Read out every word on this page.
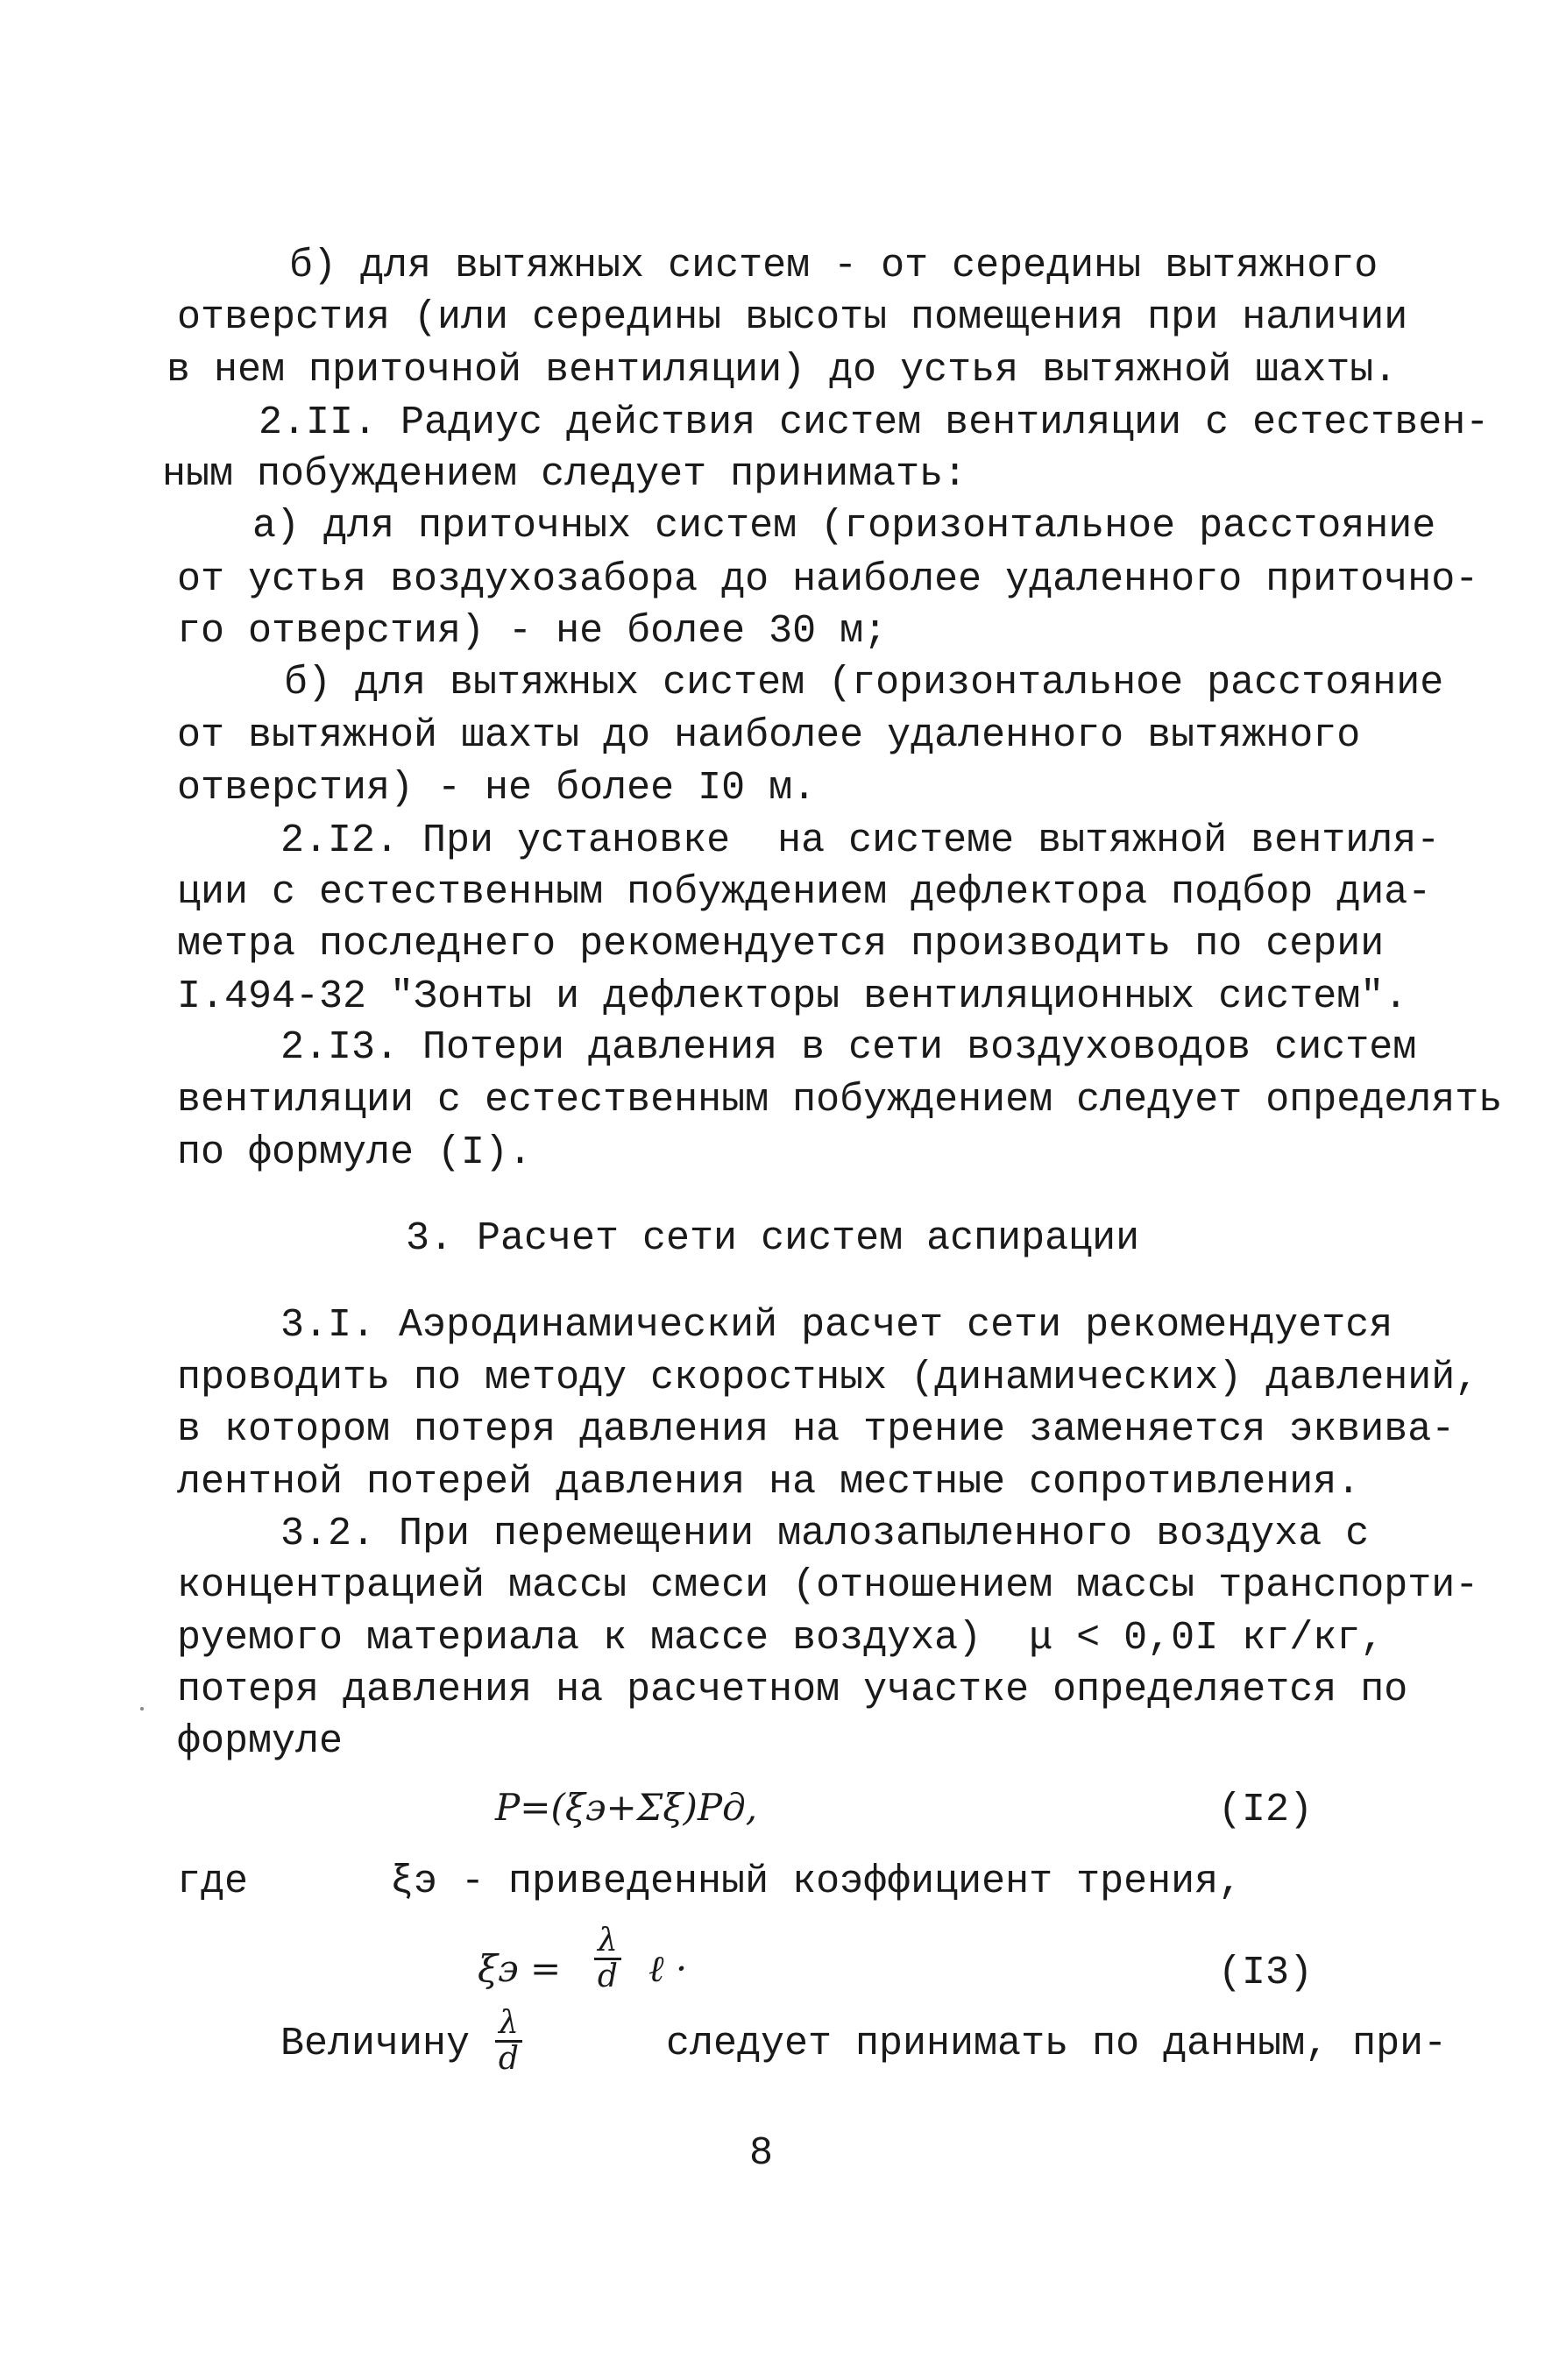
б) для вытяжных систем - от середины вытяжного
отверстия (или середины высоты помещения при наличии
в нем приточной вентиляции) до устья вытяжной шахты.
2.II. Радиус действия систем вентиляции с естествен-
ным побуждением следует принимать:
а) для приточных систем (горизонтальное расстояние
от устья воздухозабора до наиболее удаленного приточно-
го отверстия) - не более 30 м;
б) для вытяжных систем (горизонтальное расстояние
от вытяжной шахты до наиболее удаленного вытяжного
отверстия) - не более I0 м.
2.I2. При установке  на системе вытяжной вентиля-
ции с естественным побуждением дефлектора подбор диа-
метра последнего рекомендуется производить по серии
I.494-32 "Зонты и дефлекторы вентиляционных систем".
2.I3. Потери давления в сети воздуховодов систем
вентиляции с естественным побуждением следует определять
по формуле (I).
3. Расчет сети систем аспирации
3.I. Аэродинамический расчет сети рекомендуется
проводить по методу скоростных (динамических) давлений,
в котором потеря давления на трение заменяется эквива-
лентной потерей давления на местные сопротивления.
3.2. При перемещении малозапыленного воздуха с
концентрацией массы смеси (отношением массы транспорти-
руемого материала к массе воздуха)  μ < 0,0I кг/кг,
потеря давления на расчетном участке определяется по
формуле
P=(ξэ+Σξ)Pд,	(I2)
где	ξэ - приведенный коэффициент трения,
$\xi э = \frac{\lambda}{d}$ ℓ ·	(I3)
Величину $\frac{\lambda}{d}$	следует принимать по данным, при-
8
